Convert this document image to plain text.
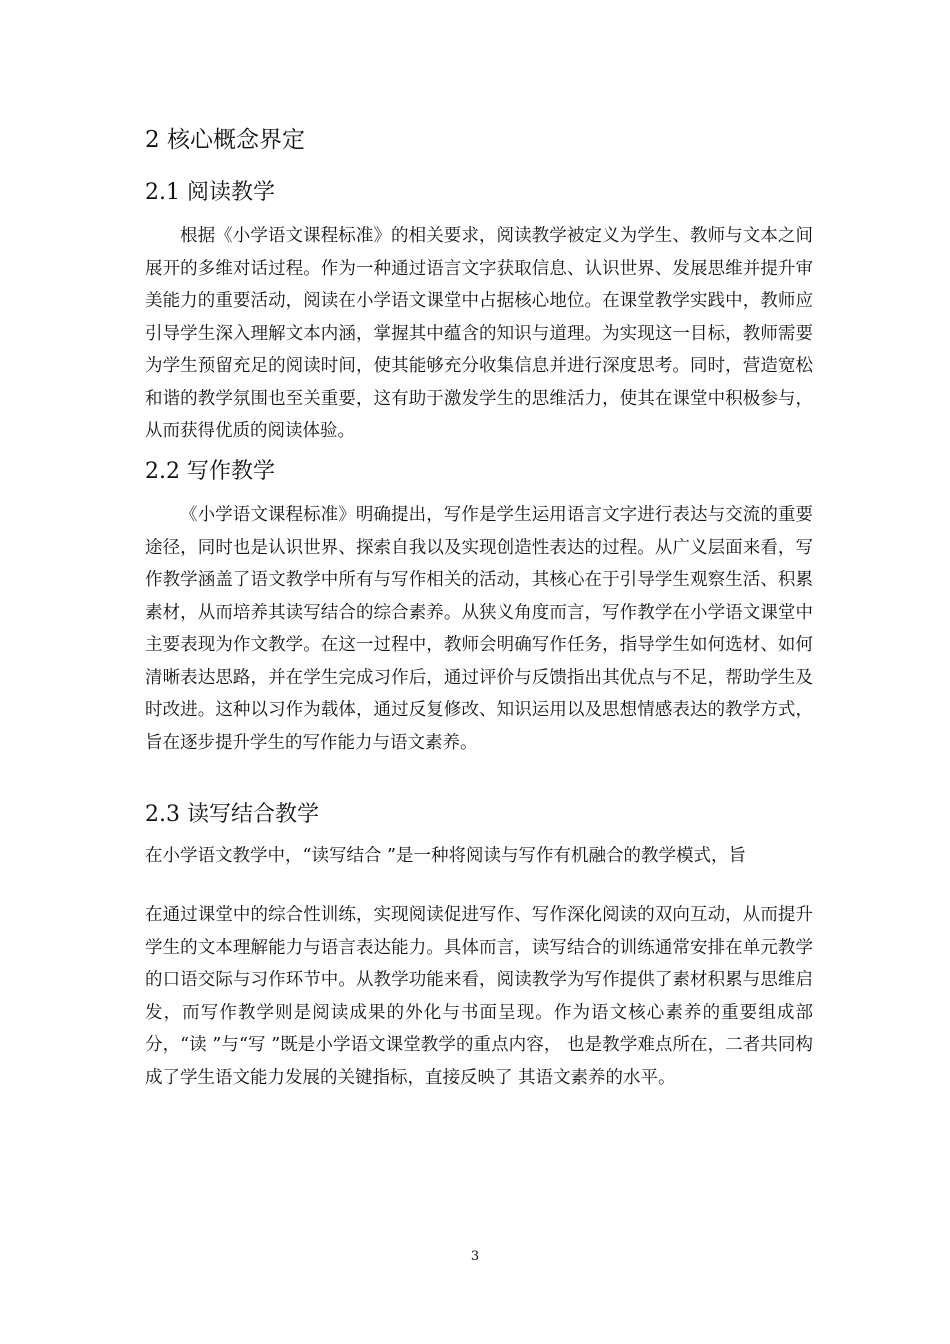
2 核心概念界定
2.1 阅读教学

根据《小学语文课程标准》的相关要求，阅读教学被定义为学生、教师与文本之间展开的多维对话过程。作为一种通过语言文字获取信息、认识世界、发展思维并提升审美能力的重要活动，阅读在小学语文课堂中占据核心地位。在课堂教学实践中，教师应引导学生深入理解文本内涵，掌握其中蕴含的知识与道理。为实现这一目标，教师需要为学生预留充足的阅读时间，使其能够充分收集信息并进行深度思考。同时，营造宽松和谐的教学氛围也至关重要，这有助于激发学生的思维活力，使其在课堂中积极参与，从而获得优质的阅读体验。

2.2 写作教学

《小学语文课程标准》明确提出，写作是学生运用语言文字进行表达与交流的重要途径，同时也是认识世界、探索自我以及实现创造性表达的过程。从广义层面来看，写作教学涵盖了语文教学中所有与写作相关的活动，其核心在于引导学生观察生活、积累素材，从而培养其读写结合的综合素养。从狭义角度而言，写作教学在小学语文课堂中主要表现为作文教学。在这一过程中，教师会明确写作任务，指导学生如何选材、如何清晰表达思路，并在学生完成习作后，通过评价与反馈指出其优点与不足，帮助学生及时改进。这种以习作为载体，通过反复修改、知识运用以及思想情感表达的教学方式，旨在逐步提升学生的写作能力与语文素养。

2.3 读写结合教学

在小学语文教学中，“读写结合 ”是一种将阅读与写作有机融合的教学模式，旨

在通过课堂中的综合性训练，实现阅读促进写作、写作深化阅读的双向互动，从而提升学生的文本理解能力与语言表达能力。具体而言，读写结合的训练通常安排在单元教学的口语交际与习作环节中。从教学功能来看，阅读教学为写作提供了素材积累与思维启发，而写作教学则是阅读成果的外化与书面呈现。作为语文核心素养的重要组成部分，“读 ”与“写 ”既是小学语文课堂教学的重点内容， 也是教学难点所在，二者共同构成了学生语文能力发展的关键指标，直接反映了 其语文素养的水平。

3
